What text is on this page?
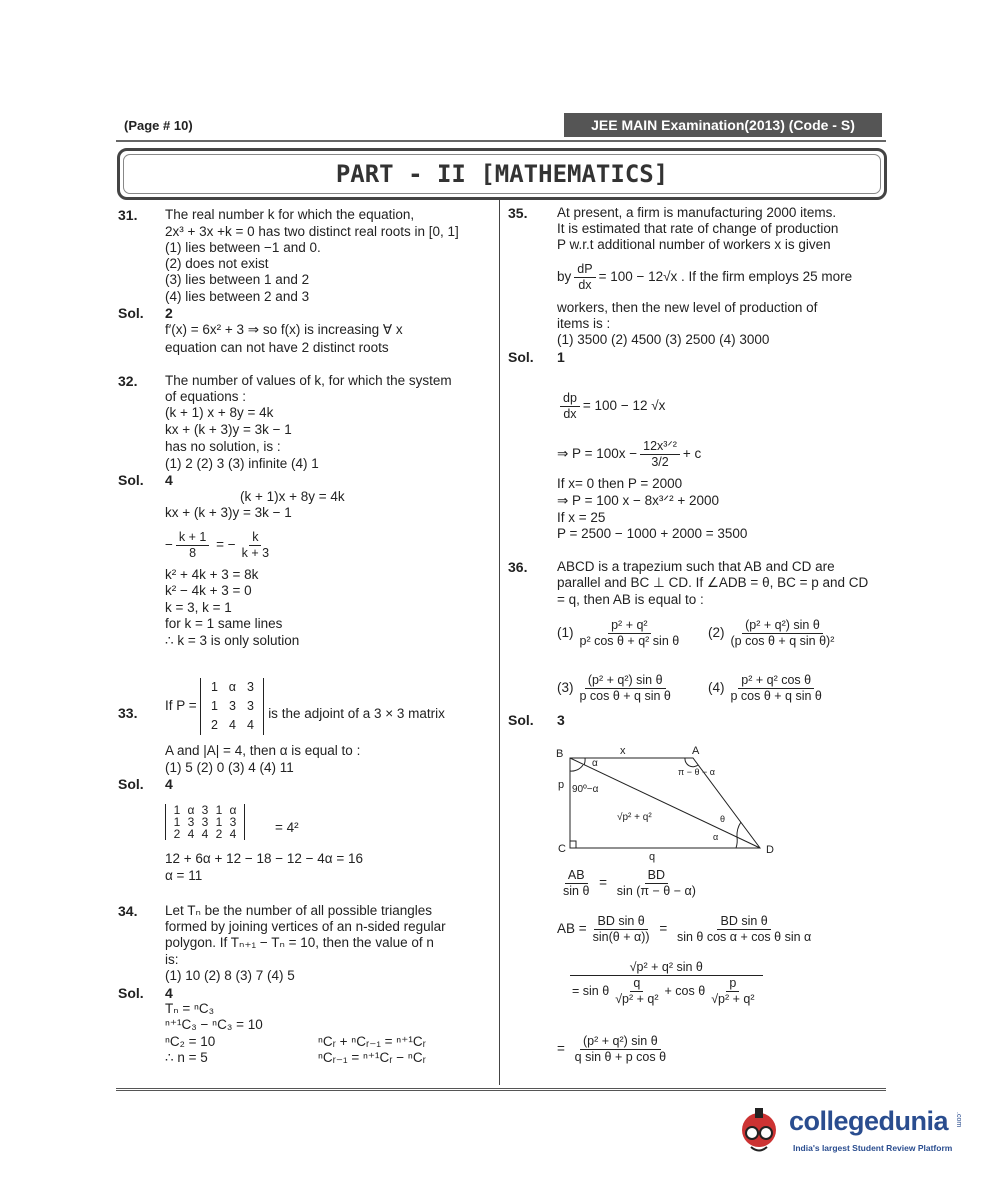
(Page # 10)	JEE MAIN Examination(2013) (Code - S)
PART - II [MATHEMATICS]
31. The real number k for which the equation,
2x³ + 3x +k = 0 has two distinct real roots in [0, 1]
(1) lies between −1 and 0.
(2) does not exist
(3) lies between 1 and 2
(4) lies between 2 and 3
Sol. 2
f′(x) = 6x² + 3 ⇒ so f(x) is increasing ∀ x
equation can not have 2 distinct roots
32. The number of values of k, for which the system
of equations :
(k + 1) x + 8y = 4k
kx + (k + 3)y = 3k − 1
has no solution, is :
(1) 2 (2) 3 (3) infinite (4) 1
Sol. 4
(k + 1)x + 8y = 4k
kx + (k + 3)y = 3k − 1
− $\frac{k + 1}{8}$ = − $\frac{k}{k + 3}$
k² + 4k + 3 = 8k
k² − 4k + 3 = 0
k = 3, k = 1
for k = 1 same lines
∴ k = 3 is only solution
33. If P =
1 α 3
1 3 3
2 4 4
is the adjoint of a 3 × 3 matrix
A and |A| = 4, then α is equal to :
(1) 5 (2) 0 (3) 4 (4) 11
Sol. 4
1 α 3 1 α
1 3 3 1 3
2 4 4 2 4	= 4²
12 + 6α + 12 − 18 − 12 − 4α = 16
α = 11
34. Let Tₙ be the number of all possible triangles
formed by joining vertices of an n-sided regular
polygon. If Tₙ₊₁ − Tₙ = 10, then the value of n
is:
(1) 10 (2) 8 (3) 7 (4) 5
Sol. 4
Tₙ = ⁿC₃
ⁿ⁺¹C₃ − ⁿC₃ = 10
ⁿC₂ = 10
∴ n = 5
ⁿCᵣ + ⁿCᵣ₋₁ = ⁿ⁺¹Cᵣ
ⁿCᵣ₋₁ = ⁿ⁺¹Cᵣ − ⁿCᵣ
35. At present, a firm is manufacturing 2000 items.
It is estimated that rate of change of production
P w.r.t additional number of workers x is given
by $\frac{dP}{dx} = 100 - 12√x$ . If the firm employs 25 more
workers, then the new level of production of
items is :
(1) 3500 (2) 4500 (3) 2500 (4) 3000
Sol. 1
$\frac{dp}{dx} = 100 - 12$ √x
⇒ P = 100x −
12x³ᐟ²
3/2
+ c
If x= 0 then P = 2000
⇒ P = 100 x − 8x³ᐟ² + 2000
If x = 25
P = 2500 − 1000 + 2000 = 3500
36. ABCD is a trapezium such that AB and CD are
parallel and BC ⊥ CD. If ∠ADB = θ, BC = p and CD
= q, then AB is equal to :
$(1) \frac{\text{p² + q²}}{\text{p² cos θ + q² sin θ}} (2) \frac{\text{(p² + q²) sin θ}}{\text{(p cos θ + q sin θ)²}}$
$(3) \frac{\text{(p² + q²) sin θ}}{\text{p cos θ + q sin θ}}$	$(4) \frac{\text{p² + q² cos θ}}{\text{p cos θ + q sin θ}}$
Sol. 3
B	A
C	D
x
p
q
α
π − θ − α
90º−α
θ
α
√p² + q²
$\frac{AB}{\text{sin θ}} = \frac{BD}{\sin (\pi - \theta - \alpha)}$
AB = $\frac{\text{BD sin θ}}{\sin(\theta + \alpha))} = \frac{\text{BD sin θ}}{\text{sin θ cos α + cos θ sin α}}$
$\frac{\text{√p² + q² sin θ}}{= \sin \theta \frac{q}{\text{√p² + q²}} + \cos \theta \frac{p}{\text{√p² + q²}}}$
= $\frac{\text{(p² + q²) sin θ}}{\text{q sin θ + p cos θ}}$
collegedunia .com
India's largest Student Review Platform
